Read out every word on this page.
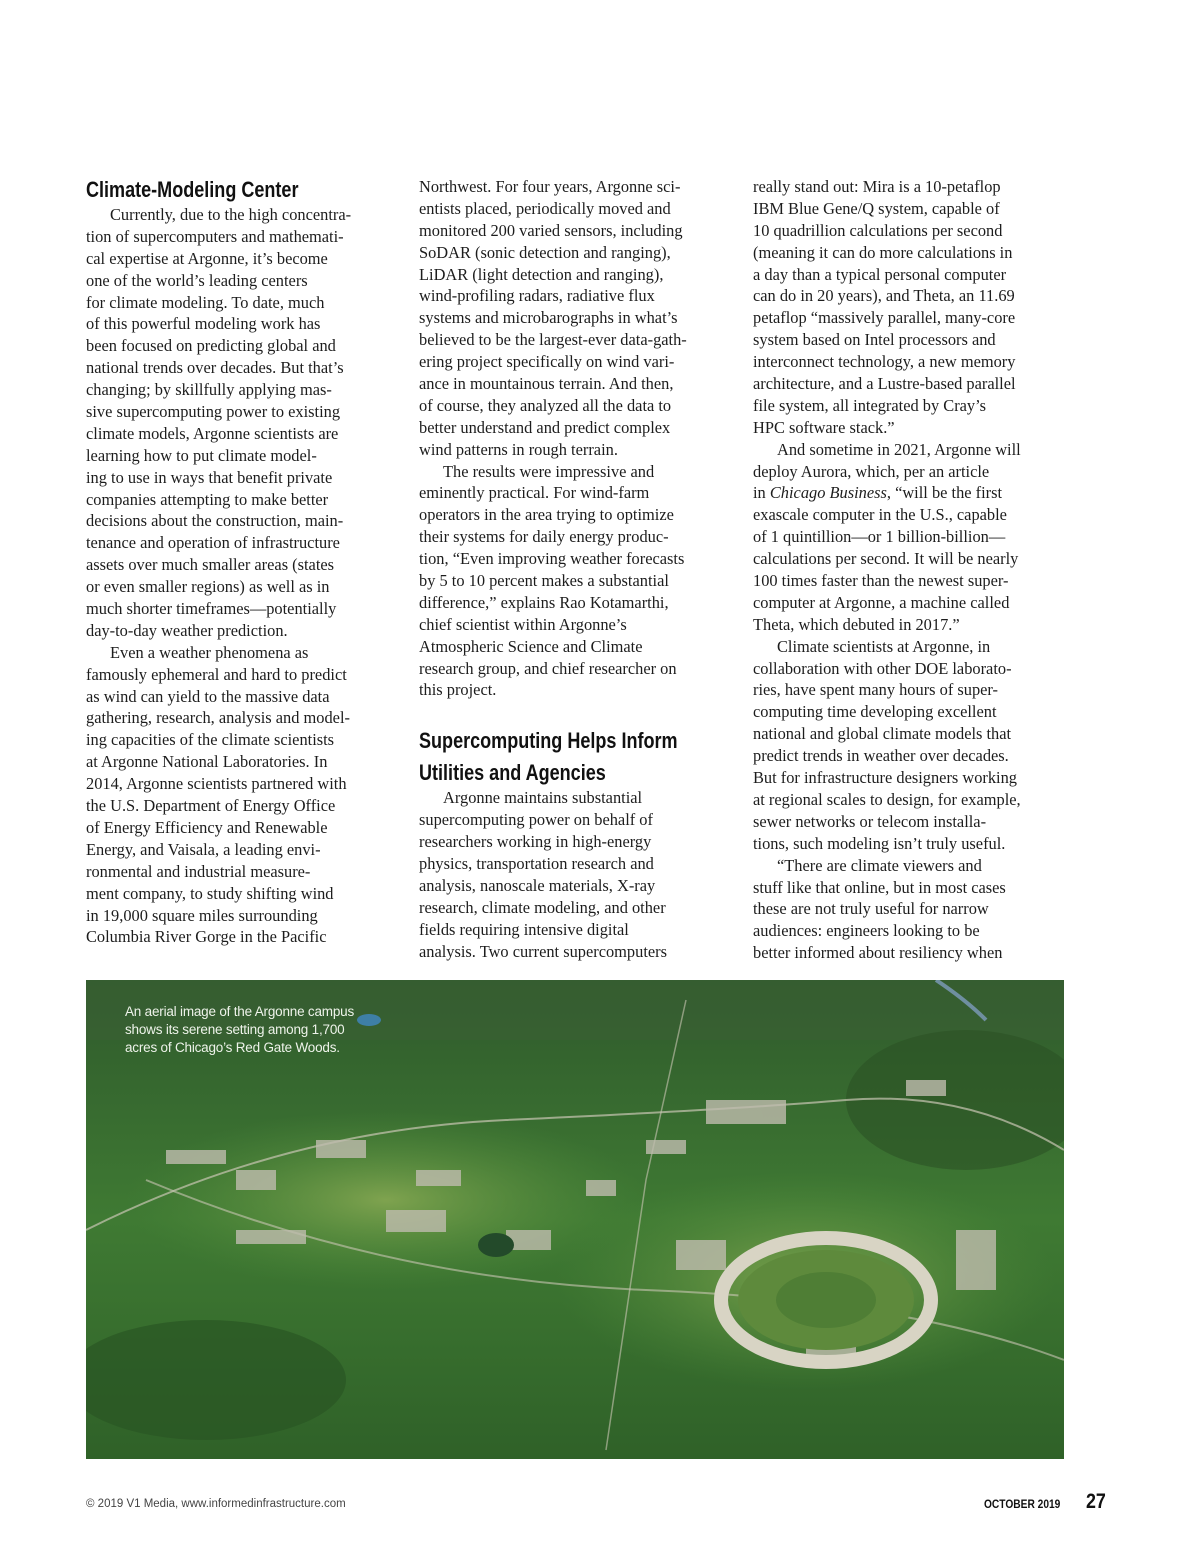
Climate-Modeling Center
Currently, due to the high concentra-
tion of supercomputers and mathemati-
cal expertise at Argonne, it’s become
one of the world’s leading centers
for climate modeling. To date, much
of this powerful modeling work has
been focused on predicting global and
national trends over decades. But that’s
changing; by skillfully applying mas-
sive supercomputing power to existing
climate models, Argonne scientists are
learning how to put climate model-
ing to use in ways that benefit private
companies attempting to make better
decisions about the construction, main-
tenance and operation of infrastructure
assets over much smaller areas (states
or even smaller regions) as well as in
much shorter timeframes—potentially
day-to-day weather prediction.
Even a weather phenomena as
famously ephemeral and hard to predict
as wind can yield to the massive data
gathering, research, analysis and model-
ing capacities of the climate scientists
at Argonne National Laboratories. In
2014, Argonne scientists partnered with
the U.S. Department of Energy Office
of Energy Efficiency and Renewable
Energy, and Vaisala, a leading envi-
ronmental and industrial measure-
ment company, to study shifting wind
in 19,000 square miles surrounding
Columbia River Gorge in the Pacific
Northwest. For four years, Argonne sci-
entists placed, periodically moved and
monitored 200 varied sensors, including
SoDAR (sonic detection and ranging),
LiDAR (light detection and ranging),
wind-profiling radars, radiative flux
systems and microbarographs in what’s
believed to be the largest-ever data-gath-
ering project specifically on wind vari-
ance in mountainous terrain. And then,
of course, they analyzed all the data to
better understand and predict complex
wind patterns in rough terrain.
The results were impressive and
eminently practical. For wind-farm
operators in the area trying to optimize
their systems for daily energy produc-
tion, “Even improving weather forecasts
by 5 to 10 percent makes a substantial
difference,” explains Rao Kotamarthi,
chief scientist within Argonne’s
Atmospheric Science and Climate
research group, and chief researcher on
this project.
Supercomputing Helps Inform
Utilities and Agencies
Argonne maintains substantial
supercomputing power on behalf of
researchers working in high-energy
physics, transportation research and
analysis, nanoscale materials, X-ray
research, climate modeling, and other
fields requiring intensive digital
analysis. Two current supercomputers
really stand out: Mira is a 10-petaflop
IBM Blue Gene/Q system, capable of
10 quadrillion calculations per second
(meaning it can do more calculations in
a day than a typical personal computer
can do in 20 years), and Theta, an 11.69
petaflop “massively parallel, many-core
system based on Intel processors and
interconnect technology, a new memory
architecture, and a Lustre-based parallel
file system, all integrated by Cray’s
HPC software stack.”
And sometime in 2021, Argonne will
deploy Aurora, which, per an article
in Chicago Business, “will be the first
exascale computer in the U.S., capable
of 1 quintillion—or 1 billion-billion—
calculations per second. It will be nearly
100 times faster than the newest super-
computer at Argonne, a machine called
Theta, which debuted in 2017.”
Climate scientists at Argonne, in
collaboration with other DOE laborato-
ries, have spent many hours of super-
computing time developing excellent
national and global climate models that
predict trends in weather over decades.
But for infrastructure designers working
at regional scales to design, for example,
sewer networks or telecom installa-
tions, such modeling isn’t truly useful.
“There are climate viewers and
stuff like that online, but in most cases
these are not truly useful for narrow
audiences: engineers looking to be
better informed about resiliency when
An aerial image of the Argonne campus shows its serene setting among 1,700 acres of Chicago’s Red Gate Woods.
© 2019 V1 Media, www.informedinfrastructure.com	OCTOBER 2019 27
